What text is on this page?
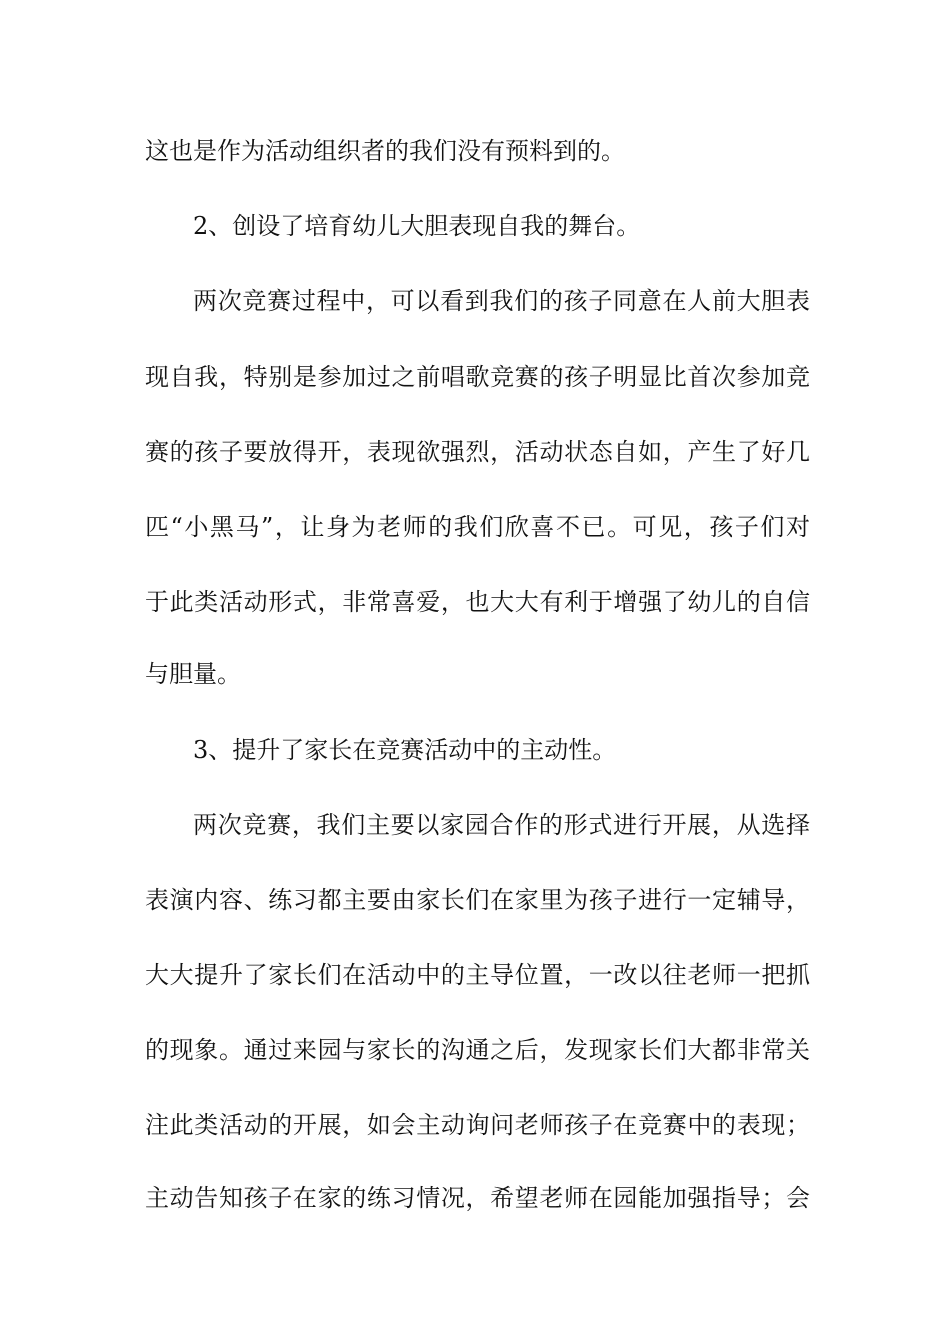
这也是作为活动组织者的我们没有预料到的。
2、创设了培育幼儿大胆表现自我的舞台。
两次竞赛过程中，可以看到我们的孩子同意在人前大胆表
现自我，特别是参加过之前唱歌竞赛的孩子明显比首次参加竞
赛的孩子要放得开，表现欲强烈，活动状态自如，产生了好几
匹“小黑马”，让身为老师的我们欣喜不已。可见，孩子们对
于此类活动形式，非常喜爱，也大大有利于增强了幼儿的自信
与胆量。
3、提升了家长在竞赛活动中的主动性。
两次竞赛，我们主要以家园合作的形式进行开展，从选择
表演内容、练习都主要由家长们在家里为孩子进行一定辅导，
大大提升了家长们在活动中的主导位置，一改以往老师一把抓
的现象。通过来园与家长的沟通之后，发现家长们大都非常关
注此类活动的开展，如会主动询问老师孩子在竞赛中的表现；
主动告知孩子在家的练习情况，希望老师在园能加强指导；会
